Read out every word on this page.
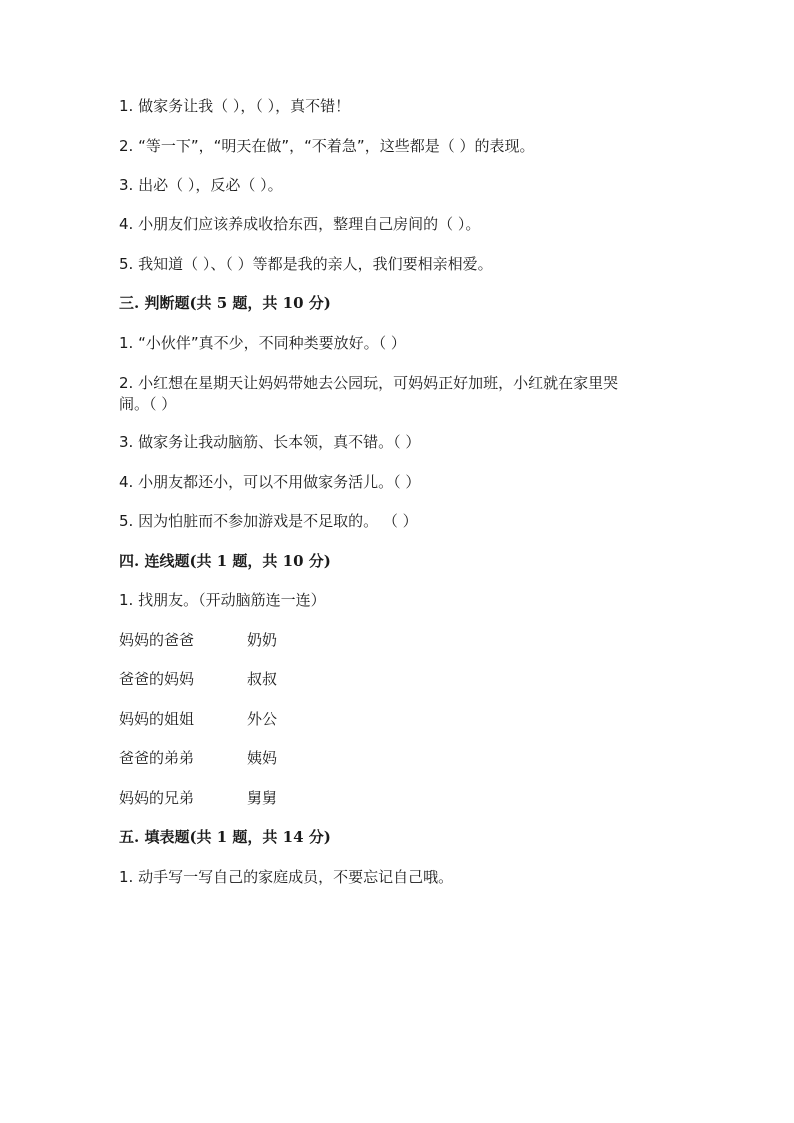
1. 做家务让我（ ），（ ），真不错！
2. “等一下”，“明天在做”，“不着急”，这些都是（ ）的表现。
3. 出必（ ），反必（ ）。
4. 小朋友们应该养成收拾东西，整理自己房间的（ ）。
5. 我知道（ ）、（ ）等都是我的亲人，我们要相亲相爱。
三. 判断题(共 5 题，共 10 分)
1. “小伙伴”真不少，不同种类要放好。（ ）
2. 小红想在星期天让妈妈带她去公园玩，可妈妈正好加班，小红就在家里哭
闹。（ ）
3. 做家务让我动脑筋、长本领，真不错。（ ）
4. 小朋友都还小，可以不用做家务活儿。（ ）
5. 因为怕脏而不参加游戏是不足取的。 （ ）
四. 连线题(共 1 题，共 10 分)
1. 找朋友。（开动脑筋连一连）
妈妈的爸爸	奶奶
爸爸的妈妈	叔叔
妈妈的姐姐	外公
爸爸的弟弟	姨妈
妈妈的兄弟	舅舅
五. 填表题(共 1 题，共 14 分)
1. 动手写一写自己的家庭成员，不要忘记自己哦。
